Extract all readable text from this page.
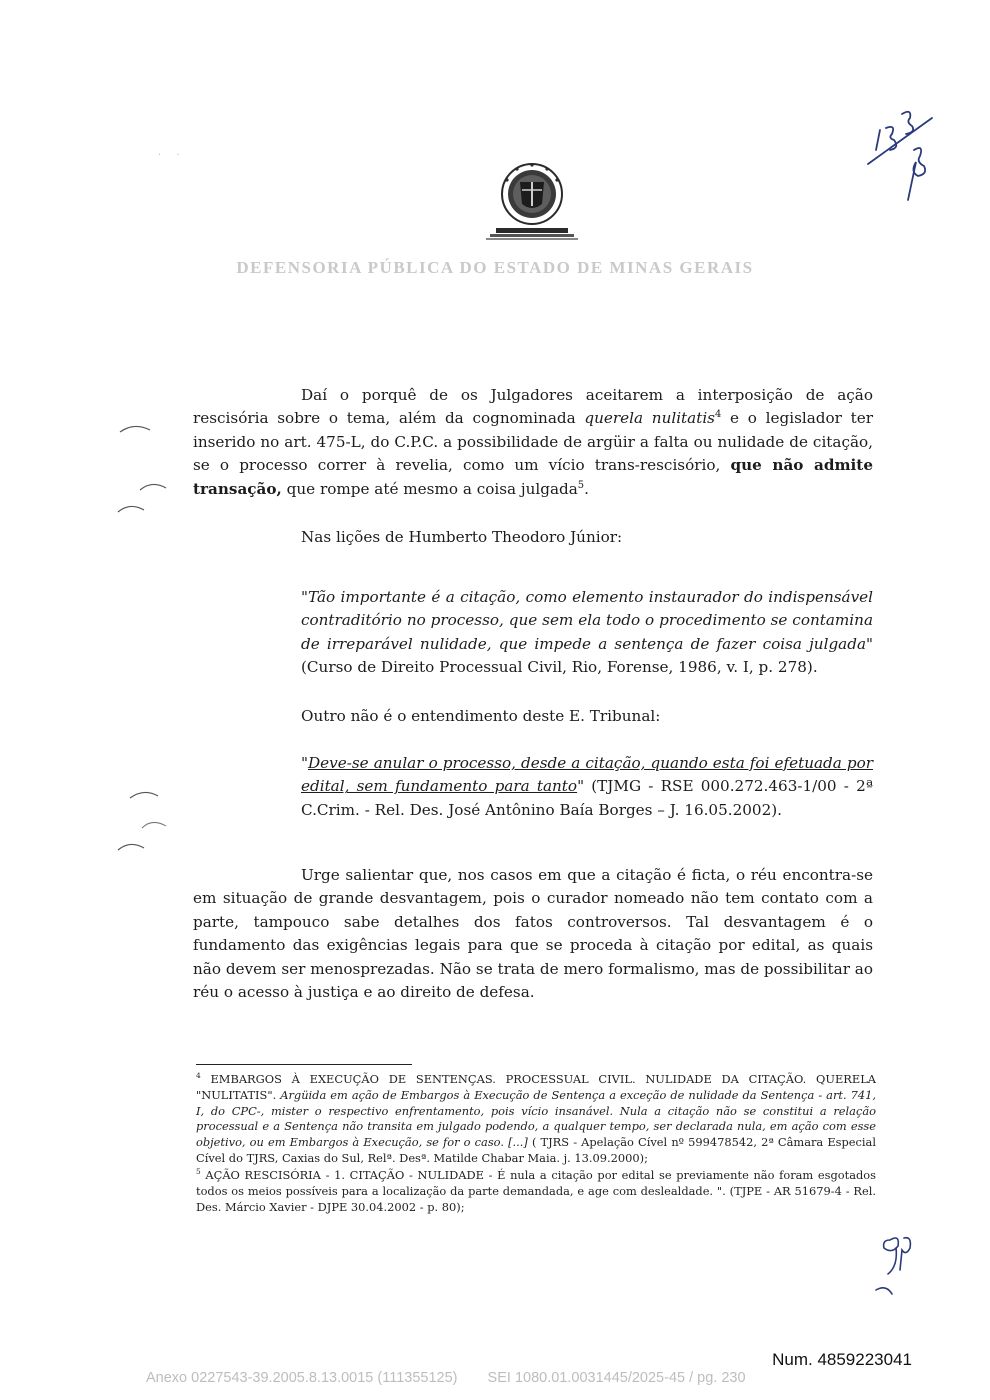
· ·
DEFENSORIA PÚBLICA DO ESTADO DE MINAS GERAIS
Daí o porquê de os Julgadores aceitarem a interposição de ação rescisória sobre o tema, além da cognominada querela nulitatis$^4$ e o legislador ter inserido no art. 475-L, do C.P.C. a possibilidade de argüir a falta ou nulidade de citação, se o processo correr à revelia, como um vício trans-rescisório, que não admite transação, que rompe até mesmo a coisa julgada$^5$.
Nas lições de Humberto Theodoro Júnior:
"Tão importante é a citação, como elemento instaurador do indispensável contraditório no processo, que sem ela todo o procedimento se contamina de irreparável nulidade, que impede a sentença de fazer coisa julgada" (Curso de Direito Processual Civil, Rio, Forense, 1986, v. I, p. 278).
Outro não é o entendimento deste E. Tribunal:
"Deve-se anular o processo, desde a citação, quando esta foi efetuada por edital, sem fundamento para tanto" (TJMG - RSE 000.272.463-1/00 - 2ª C.Crim. - Rel. Des. José Antônino Baía Borges – J. 16.05.2002).
Urge salientar que, nos casos em que a citação é ficta, o réu encontra-se em situação de grande desvantagem, pois o curador nomeado não tem contato com a parte, tampouco sabe detalhes dos fatos controversos. Tal desvantagem é o fundamento das exigências legais para que se proceda à citação por edital, as quais não devem ser menosprezadas. Não se trata de mero formalismo, mas de possibilitar ao réu o acesso à justiça e ao direito de defesa.
$^4$ EMBARGOS À EXECUÇÃO DE SENTENÇAS. PROCESSUAL CIVIL. NULIDADE DA CITAÇÃO. QUERELA "NULITATIS". Argüida em ação de Embargos à Execução de Sentença a exceção de nulidade da Sentença - art. 741, I, do CPC-, mister o respectivo enfrentamento, pois vício insanável. Nula a citação não se constitui a relação processual e a Sentença não transita em julgado podendo, a qualquer tempo, ser declarada nula, em ação com esse objetivo, ou em Embargos à Execução, se for o caso. [...] ( TJRS - Apelação Cível nº 599478542, 2ª Câmara Especial Cível do TJRS, Caxias do Sul, Relª. Desª. Matilde Chabar Maia. j. 13.09.2000);
$^5$ AÇÃO RESCISÓRIA - 1. CITAÇÃO - NULIDADE - É nula a citação por edital se previamente não foram esgotados todos os meios possíveis para a localização da parte demandada, e age com deslealdade. ". (TJPE - AR 51679-4 - Rel. Des. Márcio Xavier - DJPE 30.04.2002 - p. 80);
Num. 4859223041
Anexo 0227543-39.2005.8.13.0015 (111355125) SEI 1080.01.0031445/2025-45 / pg. 230
